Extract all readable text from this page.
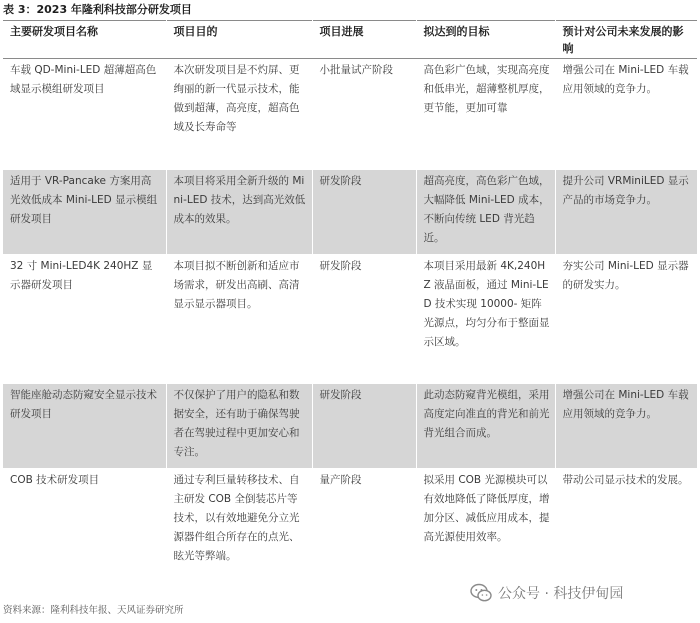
表 3：2023 年隆利科技部分研发项目
主要研发项目名称	项目目的	项目进展	拟达到的目标	预计对公司未来发展的影响
车载 QD-Mini-LED 超薄超高色域显示模组研发项目	本次研发项目是不灼屏、更绚丽的新一代显示技术，能做到超薄，高亮度，超高色域及长寿命等	小批量试产阶段	高色彩广色域，实现高亮度和低串光，超薄整机厚度，更节能，更加可靠	增强公司在 Mini-LED 车载应用领域的竞争力。
适用于 VR-Pancake 方案用高光效低成本 Mini-LED 显示模组研发项目	本项目将采用全新升级的 Mini-LED 技术，达到高光效低成本的效果。	研发阶段	超高亮度，高色彩广色域，大幅降低 Mini-LED 成本，不断向传统 LED 背光趋近。	提升公司 VRMiniLED 显示产品的市场竞争力。
32 寸 Mini-LED4K 240HZ 显示器研发项目	本项目拟不断创新和适应市场需求，研发出高刷、高清显示显示器项目。	研发阶段	本项目采用最新 4K,240HZ 液晶面板，通过 Mini-LED 技术实现 10000- 矩阵光源点，均匀分布于整面显示区域。	夯实公司 Mini-LED 显示器的研发实力。
智能座舱动态防窥安全显示技术研发项目	不仅保护了用户的隐私和数据安全，还有助于确保驾驶者在驾驶过程中更加安心和专注。	研发阶段	此动态防窥背光模组，采用高度定向准直的背光和前光背光组合而成。	增强公司在 Mini-LED 车载应用领域的竞争力。
COB 技术研发项目	通过专利巨量转移技术、自主研发 COB 全倒装芯片等技术，以有效地避免分立光源器件组合所存在的点光、眩光等弊端。	量产阶段	拟采用 COB 光源模块可以有效地降低了降低厚度，增加分区、减低应用成本，提高光源使用效率。	带动公司显示技术的发展。
公众号 · 科技伊甸园
资料来源：隆利科技年报、天风证券研究所
